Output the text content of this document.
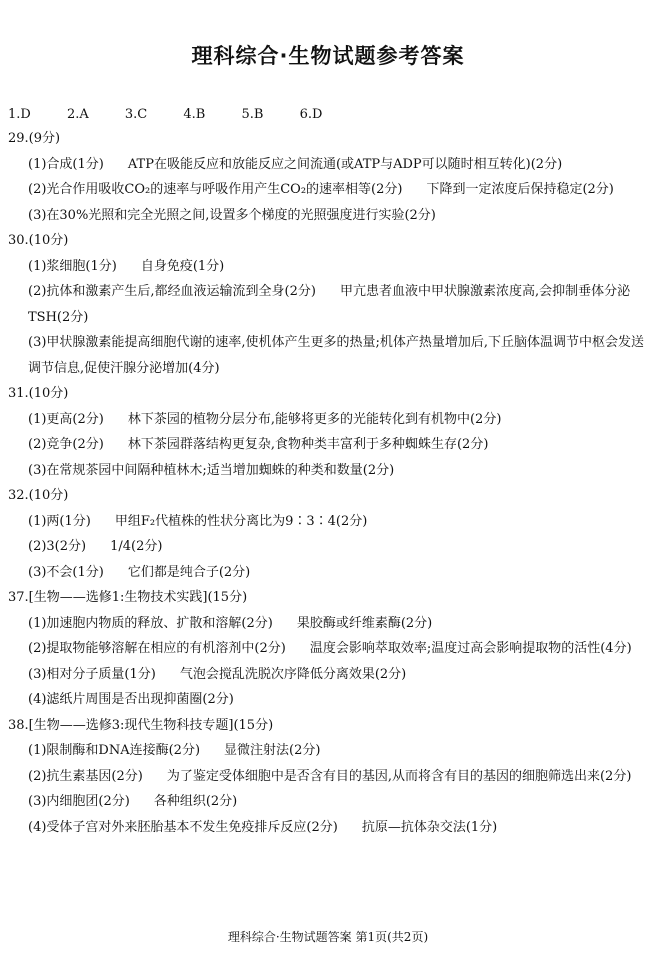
理科综合·生物试题参考答案
1.D	2.A	3.C	4.B	5.B	6.D
29.(9分)
(1)合成(1分) ATP在吸能反应和放能反应之间流通(或ATP与ADP可以随时相互转化)(2分)
(2)光合作用吸收CO₂的速率与呼吸作用产生CO₂的速率相等(2分) 下降到一定浓度后保持稳定(2分)
(3)在30%光照和完全光照之间,设置多个梯度的光照强度进行实验(2分)
30.(10分)
(1)浆细胞(1分) 自身免疫(1分)
(2)抗体和激素产生后,都经血液运输流到全身(2分) 甲亢患者血液中甲状腺激素浓度高,会抑制垂体分泌TSH(2分)
(3)甲状腺激素能提高细胞代谢的速率,使机体产生更多的热量;机体产热量增加后,下丘脑体温调节中枢会发送调节信息,促使汗腺分泌增加(4分)
31.(10分)
(1)更高(2分) 林下茶园的植物分层分布,能够将更多的光能转化到有机物中(2分)
(2)竞争(2分) 林下茶园群落结构更复杂,食物种类丰富利于多种蜘蛛生存(2分)
(3)在常规茶园中间隔种植林木;适当增加蜘蛛的种类和数量(2分)
32.(10分)
(1)两(1分) 甲组F₂代植株的性状分离比为9∶3∶4(2分)
(2)3(2分) 1/4(2分)
(3)不会(1分) 它们都是纯合子(2分)
37.[生物——选修1:生物技术实践](15分)
(1)加速胞内物质的释放、扩散和溶解(2分) 果胶酶或纤维素酶(2分)
(2)提取物能够溶解在相应的有机溶剂中(2分) 温度会影响萃取效率;温度过高会影响提取物的活性(4分)
(3)相对分子质量(1分) 气泡会搅乱洗脱次序降低分离效果(2分)
(4)滤纸片周围是否出现抑菌圈(2分)
38.[生物——选修3:现代生物科技专题](15分)
(1)限制酶和DNA连接酶(2分) 显微注射法(2分)
(2)抗生素基因(2分) 为了鉴定受体细胞中是否含有目的基因,从而将含有目的基因的细胞筛选出来(2分)
(3)内细胞团(2分) 各种组织(2分)
(4)受体子宫对外来胚胎基本不发生免疫排斥反应(2分) 抗原—抗体杂交法(1分)
理科综合·生物试题答案 第1页(共2页)
